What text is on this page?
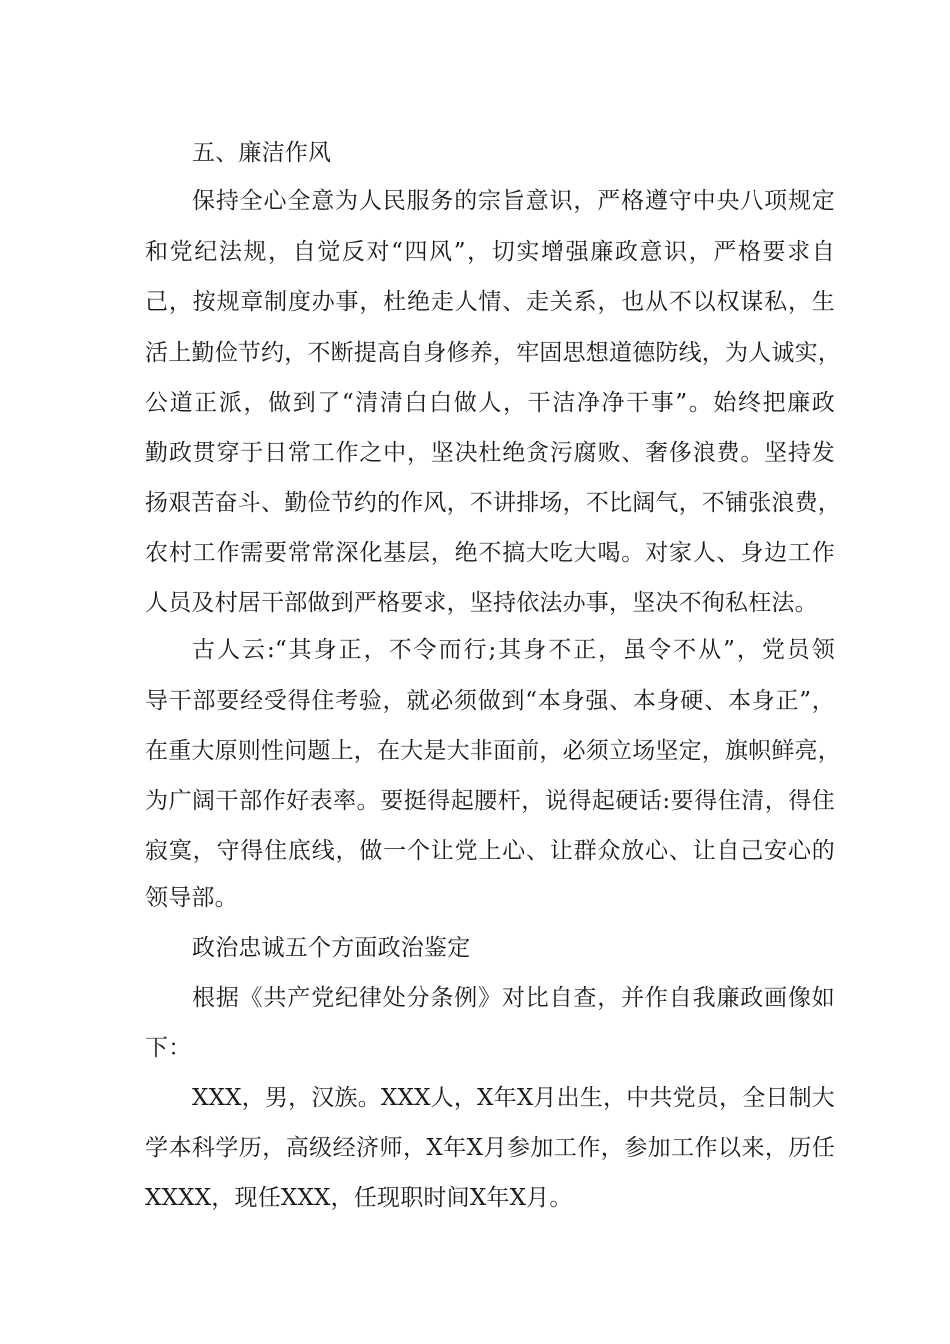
五、廉洁作风
保持全心全意为人民服务的宗旨意识，严格遵守中央八项规定
和党纪法规，自觉反对“四风”，切实增强廉政意识，严格要求自
己，按规章制度办事，杜绝走人情、走关系，也从不以权谋私，生
活上勤俭节约，不断提高自身修养，牢固思想道德防线，为人诚实，
公道正派，做到了“清清白白做人，干洁净净干事”。始终把廉政
勤政贯穿于日常工作之中，坚决杜绝贪污腐败、奢侈浪费。坚持发
扬艰苦奋斗、勤俭节约的作风，不讲排场，不比阔气，不铺张浪费，
农村工作需要常常深化基层，绝不搞大吃大喝。对家人、身边工作
人员及村居干部做到严格要求，坚持依法办事，坚决不徇私枉法。
古人云:“其身正，不令而行;其身不正，虽令不从”，党员领
导干部要经受得住考验，就必须做到“本身强、本身硬、本身正”，
在重大原则性问题上，在大是大非面前，必须立场坚定，旗帜鲜亮，
为广阔干部作好表率。要挺得起腰杆，说得起硬话:要得住清，得住
寂寞，守得住底线，做一个让党上心、让群众放心、让自己安心的
领导部。
政治忠诚五个方面政治鉴定
根据《共产党纪律处分条例》对比自查，并作自我廉政画像如
下：
XXX，男，汉族。XXX人，X年X月出生，中共党员，全日制大
学本科学历，高级经济师，X年X月参加工作，参加工作以来，历任
XXXX，现任XXX，任现职时间X年X月。
